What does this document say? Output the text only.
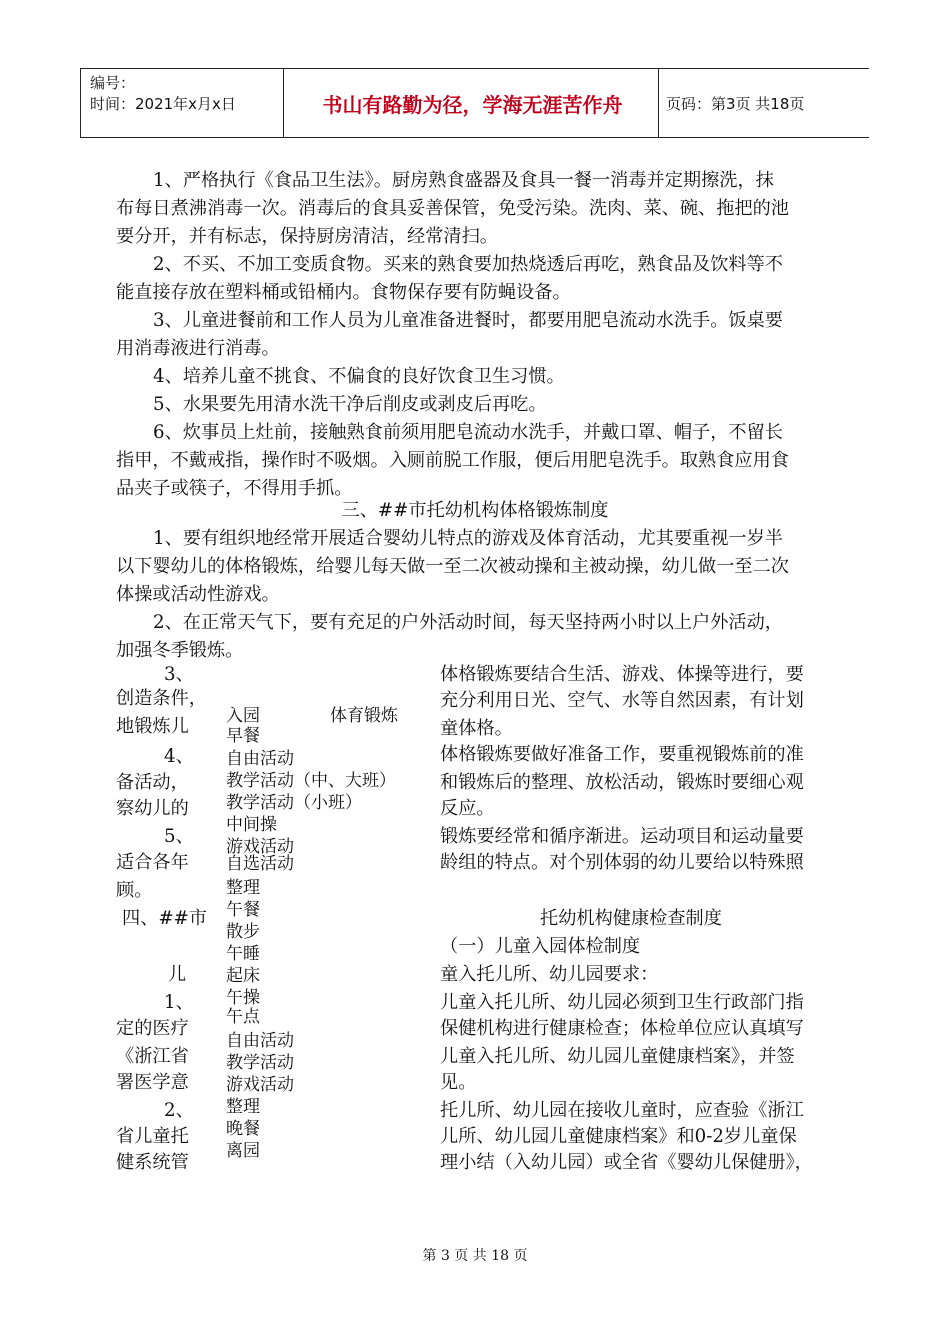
编号：
时间：2021年x月x日	书山有路勤为径，学海无涯苦作舟	页码：第3页 共18页
1、严格执行《食品卫生法》。厨房熟食盛器及食具一餐一消毒并定期擦洗，抹
布每日煮沸消毒一次。消毒后的食具妥善保管，免受污染。洗肉、菜、碗、拖把的池
要分开，并有标志，保持厨房清洁，经常清扫。
2、不买、不加工变质食物。买来的熟食要加热烧透后再吃，熟食品及饮料等不
能直接存放在塑料桶或铅桶内。食物保存要有防蝇设备。
3、儿童进餐前和工作人员为儿童准备进餐时，都要用肥皂流动水洗手。饭桌要
用消毒液进行消毒。
4、培养儿童不挑食、不偏食的良好饮食卫生习惯。
5、水果要先用清水洗干净后削皮或剥皮后再吃。
6、炊事员上灶前，接触熟食前须用肥皂流动水洗手，并戴口罩、帽子，不留长
指甲，不戴戒指，操作时不吸烟。入厕前脱工作服，便后用肥皂洗手。取熟食应用食
品夹子或筷子，不得用手抓。
三、##市托幼机构体格锻炼制度
1、要有组织地经常开展适合婴幼儿特点的游戏及体育活动，尤其要重视一岁半
以下婴幼儿的体格锻炼，给婴儿每天做一至二次被动操和主被动操，幼儿做一至二次
体操或活动性游戏。
2、在正常天气下，要有充足的户外活动时间，每天坚持两小时以上户外活动，
加强冬季锻炼。
3、
创造条件，
地锻炼儿
4、
备活动，
察幼儿的
5、
适合各年
顾。
四、##市
儿
1、
定的医疗
《浙江省
署医学意
2、
省儿童托
健系统管
体育锻炼
入园
早餐
自由活动
教学活动（中、大班）
教学活动（小班）
中间操
游戏活动
自选活动
整理
午餐
散步
午睡
起床
午操
午点
自由活动
教学活动
游戏活动
整理
晚餐
离园
体格锻炼要结合生活、游戏、体操等进行，要
充分利用日光、空气、水等自然因素，有计划
童体格。
体格锻炼要做好准备工作，要重视锻炼前的准
和锻炼后的整理、放松活动，锻炼时要细心观
反应。
锻炼要经常和循序渐进。运动项目和运动量要
龄组的特点。对个别体弱的幼儿要给以特殊照
托幼机构健康检查制度
（一）儿童入园体检制度
童入托儿所、幼儿园要求：
儿童入托儿所、幼儿园必须到卫生行政部门指
保健机构进行健康检查；体检单位应认真填写
儿童入托儿所、幼儿园儿童健康档案》，并签
见。
托儿所、幼儿园在接收儿童时，应查验《浙江
儿所、幼儿园儿童健康档案》和0-2岁儿童保
理小结（入幼儿园）或全省《婴幼儿保健册》，
第 3 页 共 18 页
